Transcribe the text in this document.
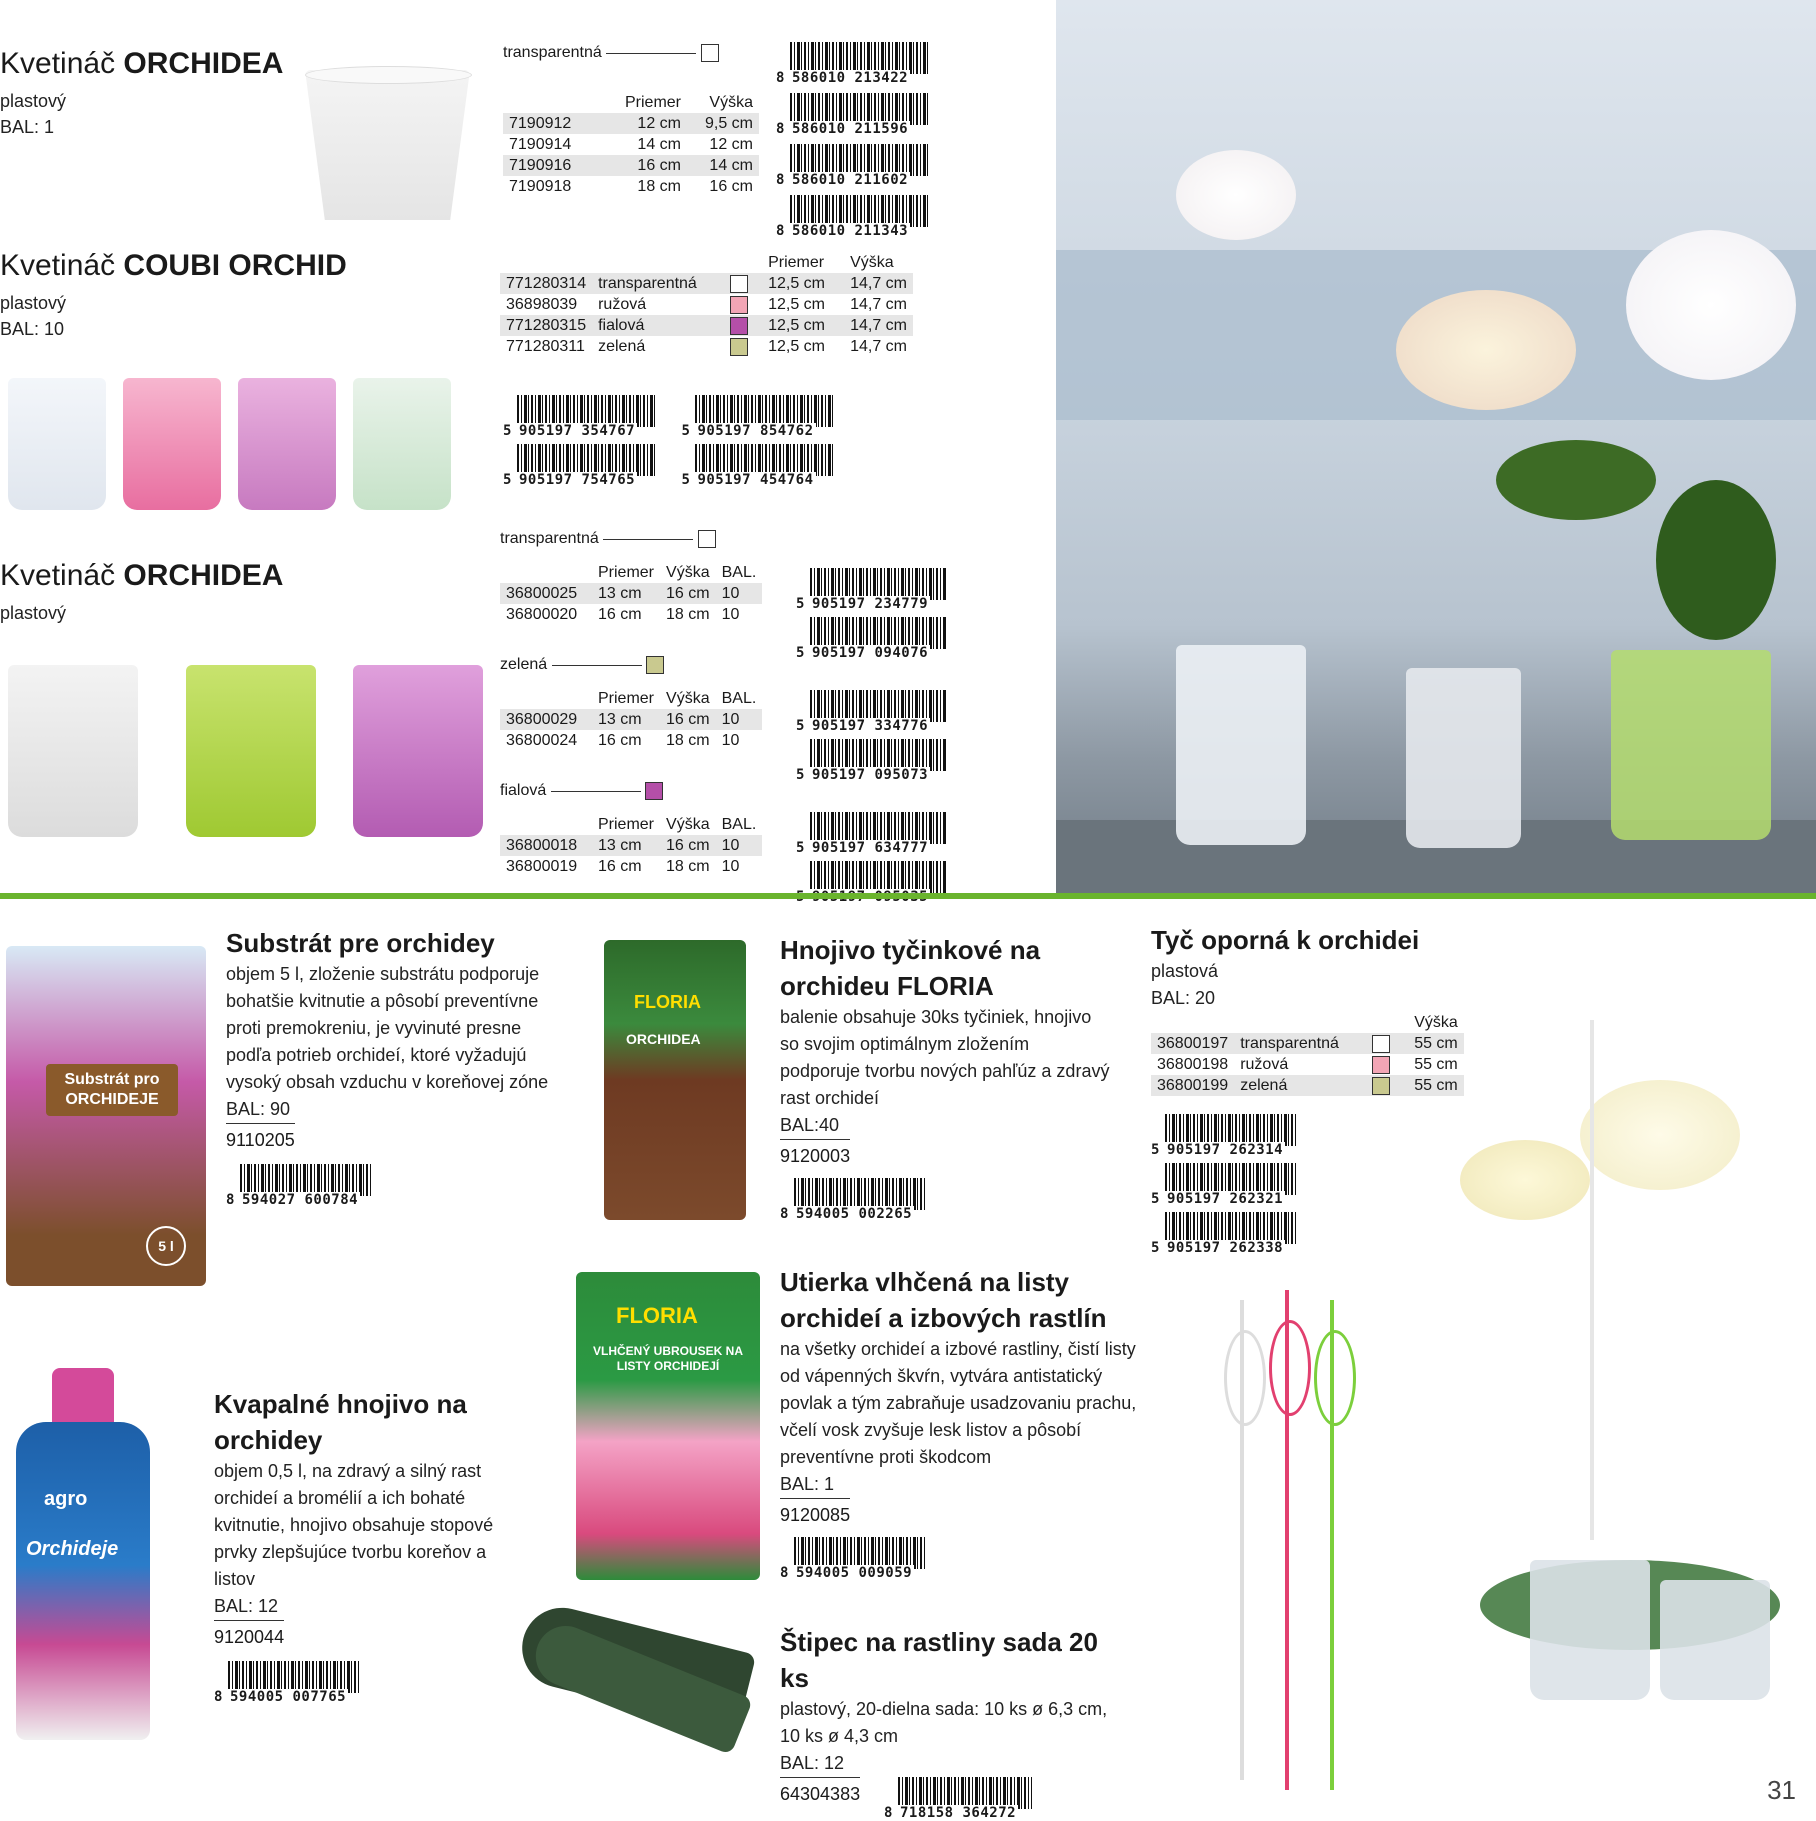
Kvetináč ORCHIDEA
plastový
BAL: 1
transparentná
	Priemer	Výška
7190912	12 cm	9,5 cm
7190914	14 cm	12 cm
7190916	16 cm	14 cm
7190918	18 cm	16 cm
8 586010 213422

8 586010 211596

8 586010 211602

8 586010 211343
Kvetináč COUBI ORCHID
plastový
BAL: 10
			Priemer	Výška
771280314	transparentná		12,5 cm	14,7 cm
36898039	ružová		12,5 cm	14,7 cm
771280315	fialová		12,5 cm	14,7 cm
771280311	zelená		12,5 cm	14,7 cm
5 905197 354767
	5 905197 854762

5 905197 754765
	5 905197 454764
Kvetináč ORCHIDEA
plastový
transparentná
	Priemer	Výška	BAL.
36800025	13 cm	16 cm	10
36800020	16 cm	18 cm	10
zelená
	Priemer	Výška	BAL.
36800029	13 cm	16 cm	10
36800024	16 cm	18 cm	10
fialová
	Priemer	Výška	BAL.
36800018	13 cm	16 cm	10
36800019	16 cm	18 cm	10
5 905197 234779

5 905197 094076

5 905197 334776

5 905197 095073

5 905197 634777

Substrát pro ORCHIDEJE
5 l
Substrát pre orchidey
objem 5 l, zloženie substrátu podporuje bohatšie kvitnutie a pôsobí preventívne proti premokreniu, je vyvinuté presne podľa potrieb orchideí, ktoré vyžadujú vysoký obsah vzduchu v koreňovej zóne
BAL: 90
9110205
8 594027 600784
FLORIA
ORCHIDEA
Hnojivo tyčinkové na orchideu FLORIA
balenie obsahuje 30ks tyčiniek, hnojivo so svojim optimálnym zložením podporuje tvorbu nových pahľúz a zdravý rast orchideí
BAL:40
9120003
8 594005 002265
Tyč oporná k orchidei
plastová
BAL: 20
			Výška
36800197	transparentná		55 cm
36800198	ružová		55 cm
36800199	zelená		55 cm
5 905197 262314

5 905197 262321

5 905197 262338
agro
Orchideje
Kvapalné hnojivo na orchidey
objem 0,5 l, na zdravý a silný rast orchideí a bromélií a ich bohaté kvitnutie, hnojivo obsahuje stopové prvky zlepšujúce tvorbu koreňov a listov
BAL: 12
9120044
8 594005 007765
FLORIA
VLHČENÝ UBROUSEK NA LISTY ORCHIDEJÍ
Utierka vlhčená na listy orchideí a izbových rastlín
na všetky orchideí a izbové rastliny, čistí listy od vápenných škvŕn, vytvára antistatický povlak a tým zabraňuje usadzovaniu prachu, včelí vosk zvyšuje lesk listov a pôsobí preventívne proti škodcom
BAL: 1
9120085
8 594005 009059
Štipec na rastliny sada 20 ks
plastový, 20-dielna sada: 10 ks ø 6,3 cm, 10 ks ø 4,3 cm
BAL: 12
64304383
8 718158 364272
31
